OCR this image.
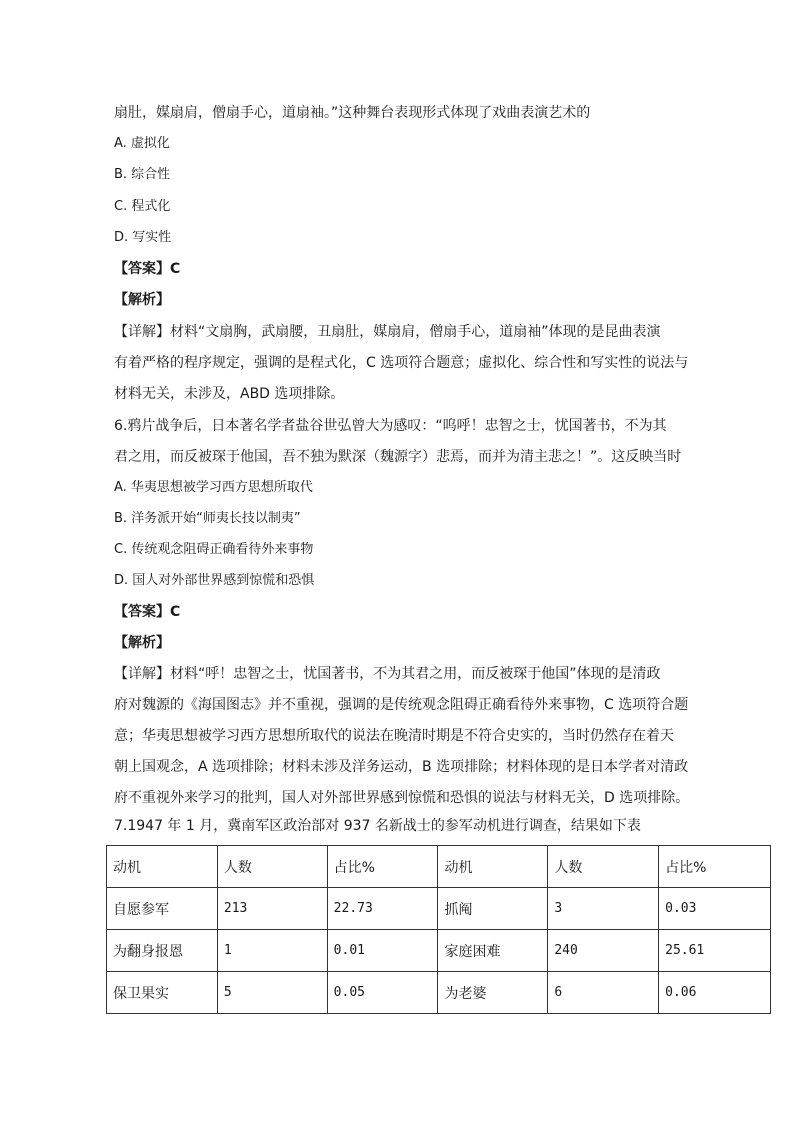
扇肚，媒扇肩，僧扇手心，道扇袖。”这种舞台表现形式体现了戏曲表演艺术的
A. 虚拟化
B. 综合性
C. 程式化
D. 写实性
【答案】C
【解析】
【详解】材料“文扇胸，武扇腰，丑扇肚，媒扇肩，僧扇手心，道扇袖”体现的是昆曲表演
有着严格的程序规定，强调的是程式化，C 选项符合题意；虚拟化、综合性和写实性的说法与
材料无关，未涉及，ABD 选项排除。
6.鸦片战争后，日本著名学者盐谷世弘曾大为感叹：“呜呼！忠智之士，忧国著书，不为其
君之用，而反被琛于他国，吾不独为默深（魏源字）悲焉，而并为清主悲之！”。这反映当时
A. 华夷思想被学习西方思想所取代
B. 洋务派开始“师夷长技以制夷”
C. 传统观念阻碍正确看待外来事物
D. 国人对外部世界感到惊慌和恐惧
【答案】C
【解析】
【详解】材料“呼！忠智之士，忧国著书，不为其君之用，而反被琛于他国”体现的是清政
府对魏源的《海国图志》并不重视，强调的是传统观念阻碍正确看待外来事物，C 选项符合题
意；华夷思想被学习西方思想所取代的说法在晚清时期是不符合史实的，当时仍然存在着天
朝上国观念，A 选项排除；材料未涉及洋务运动，B 选项排除；材料体现的是日本学者对清政
府不重视外来学习的批判，国人对外部世界感到惊慌和恐惧的说法与材料无关，D 选项排除。
7.1947 年 1 月，冀南军区政治部对 937 名新战士的参军动机进行调查，结果如下表
动机	人数	占比%	动机	人数	占比%
自愿参军	213	22.73	抓阄	3	0.03
为翻身报恩	1	0.01	家庭困难	240	25.61
保卫果实	5	0.05	为老婆	6	0.06
